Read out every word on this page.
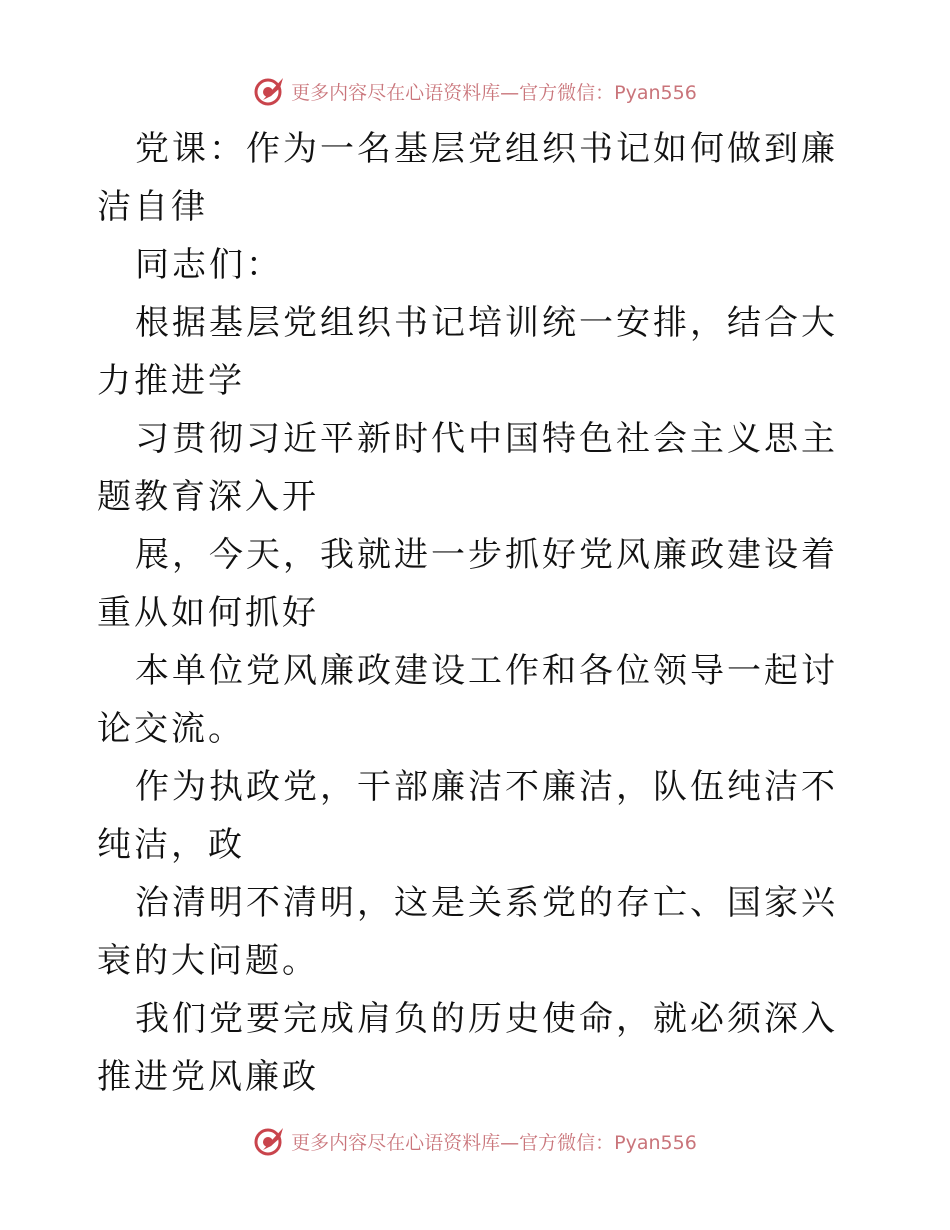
更多内容尽在心语资料库—官方微信：Pyan556

党课：作为一名基层党组织书记如何做到廉洁自律

同志们：

根据基层党组织书记培训统一安排，结合大力推进学

习贯彻习近平新时代中国特色社会主义思主题教育深入开

展，今天，我就进一步抓好党风廉政建设着重从如何抓好

本单位党风廉政建设工作和各位领导一起讨论交流。

作为执政党，干部廉洁不廉洁，队伍纯洁不纯洁，政

治清明不清明，这是关系党的存亡、国家兴衰的大问题。

我们党要完成肩负的历史使命，就必须深入推进党风廉政

更多内容尽在心语资料库—官方微信：Pyan556
